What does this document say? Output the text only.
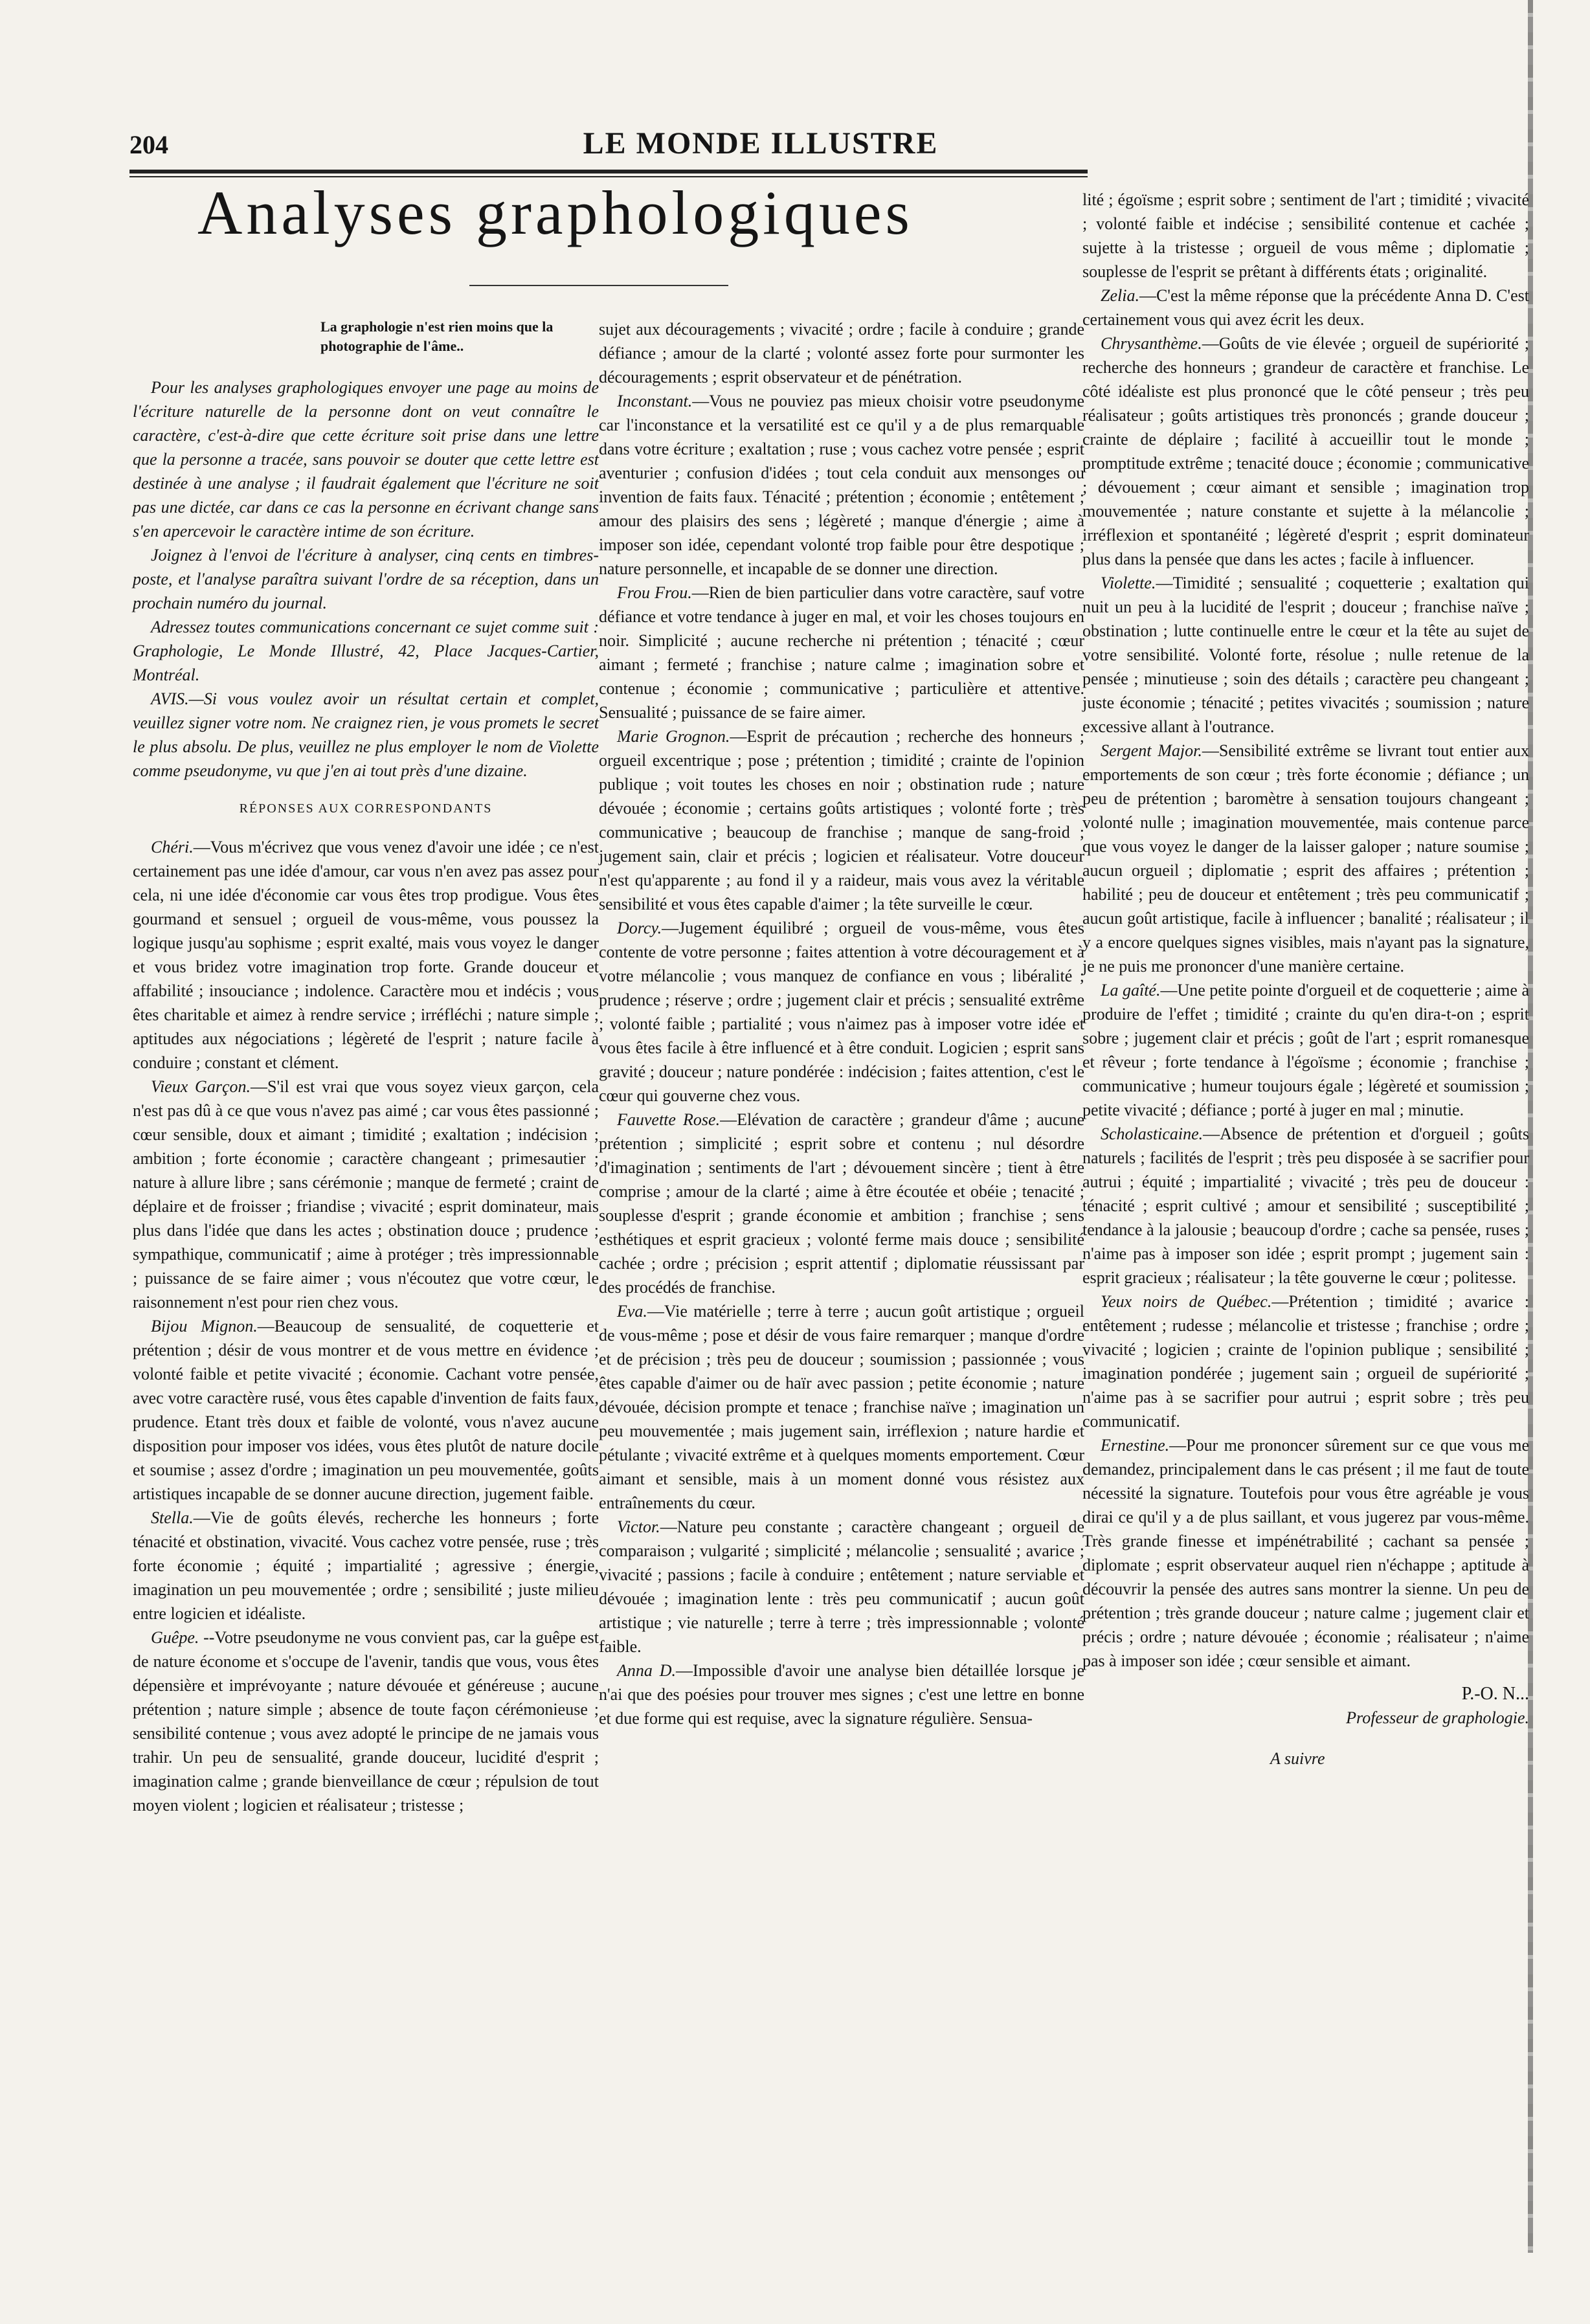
204	LE MONDE ILLUSTRE
Analyses graphologiques
La graphologie n'est rien moins que la photographie de l'âme..

Pour les analyses graphologiques envoyer une page au moins de l'écriture naturelle de la personne dont on veut connaître le caractère, c'est-à-dire que cette écriture soit prise dans une lettre que la personne a tracée, sans pouvoir se douter que cette lettre est destinée à une analyse ; il faudrait également que l'écriture ne soit pas une dictée, car dans ce cas la personne en écrivant change sans s'en apercevoir le caractère intime de son écriture.

Joignez à l'envoi de l'écriture à analyser, cinq cents en timbres-poste, et l'analyse paraîtra suivant l'ordre de sa réception, dans un prochain numéro du journal.

Adressez toutes communications concernant ce sujet comme suit : Graphologie, Le Monde Illustré, 42, Place Jacques-Cartier, Montréal.

AVIS.—Si vous voulez avoir un résultat certain et complet, veuillez signer votre nom. Ne craignez rien, je vous promets le secret le plus absolu. De plus, veuillez ne plus employer le nom de Violette comme pseudonyme, vu que j'en ai tout près d'une dizaine.

RÉPONSES AUX CORRESPONDANTS

Chéri.—Vous m'écrivez que vous venez d'avoir une idée ; ce n'est certainement pas une idée d'amour, car vous n'en avez pas assez pour cela, ni une idée d'économie car vous êtes trop prodigue. Vous êtes gourmand et sensuel ; orgueil de vous-même, vous poussez la logique jusqu'au sophisme ; esprit exalté, mais vous voyez le danger et vous bridez votre imagination trop forte. Grande douceur et affabilité ; insouciance ; indolence. Caractère mou et indécis ; vous êtes charitable et aimez à rendre service ; irréfléchi ; nature simple ; aptitudes aux négociations ; légèreté de l'esprit ; nature facile à conduire ; constant et clément.

Vieux Garçon.—S'il est vrai que vous soyez vieux garçon, cela n'est pas dû à ce que vous n'avez pas aimé ; car vous êtes passionné ; cœur sensible, doux et aimant ; timidité ; exaltation ; indécision ; ambition ; forte économie ; caractère changeant ; primesautier ; nature à allure libre ; sans cérémonie ; manque de fermeté ; craint de déplaire et de froisser ; friandise ; vivacité ; esprit dominateur, mais plus dans l'idée que dans les actes ; obstination douce ; prudence ; sympathique, communicatif ; aime à protéger ; très impressionnable ; puissance de se faire aimer ; vous n'écoutez que votre cœur, le raisonnement n'est pour rien chez vous.

Bijou Mignon.—Beaucoup de sensualité, de coquetterie et prétention ; désir de vous montrer et de vous mettre en évidence ; volonté faible et petite vivacité ; économie. Cachant votre pensée, avec votre caractère rusé, vous êtes capable d'invention de faits faux, prudence. Etant très doux et faible de volonté, vous n'avez aucune disposition pour imposer vos idées, vous êtes plutôt de nature docile et soumise ; assez d'ordre ; imagination un peu mouvementée, goûts artistiques incapable de se donner aucune direction, jugement faible.

Stella.—Vie de goûts élevés, recherche les honneurs ; forte ténacité et obstination, vivacité. Vous cachez votre pensée, ruse ; très forte économie ; équité ; impartialité ; agressive ; énergie, imagination un peu mouvementée ; ordre ; sensibilité ; juste milieu entre logicien et idéaliste.

Guêpe. --Votre pseudonyme ne vous convient pas, car la guêpe est de nature économe et s'occupe de l'avenir, tandis que vous, vous êtes dépensière et imprévoyante ; nature dévouée et généreuse ; aucune prétention ; nature simple ; absence de toute façon cérémonieuse ; sensibilité contenue ; vous avez adopté le principe de ne jamais vous trahir. Un peu de sensualité, grande douceur, lucidité d'esprit ; imagination calme ; grande bienveillance de cœur ; répulsion de tout moyen violent ; logicien et réalisateur ; tristesse ;

sujet aux découragements ; vivacité ; ordre ; facile à conduire ; grande défiance ; amour de la clarté ; volonté assez forte pour surmonter les découragements ; esprit observateur et de pénétration.

Inconstant.—Vous ne pouviez pas mieux choisir votre pseudonyme car l'inconstance et la versatilité est ce qu'il y a de plus remarquable dans votre écriture ; exaltation ; ruse ; vous cachez votre pensée ; esprit aventurier ; confusion d'idées ; tout cela conduit aux mensonges ou invention de faits faux. Ténacité ; prétention ; économie ; entêtement ; amour des plaisirs des sens ; légèreté ; manque d'énergie ; aime à imposer son idée, cependant volonté trop faible pour être despotique ; nature personnelle, et incapable de se donner une direction.

Frou Frou.—Rien de bien particulier dans votre caractère, sauf votre défiance et votre tendance à juger en mal, et voir les choses toujours en noir. Simplicité ; aucune recherche ni prétention ; ténacité ; cœur aimant ; fermeté ; franchise ; nature calme ; imagination sobre et contenue ; économie ; communicative ; particulière et attentive. Sensualité ; puissance de se faire aimer.

Marie Grognon.—Esprit de précaution ; recherche des honneurs ; orgueil excentrique ; pose ; prétention ; timidité ; crainte de l'opinion publique ; voit toutes les choses en noir ; obstination rude ; nature dévouée ; économie ; certains goûts artistiques ; volonté forte ; très communicative ; beaucoup de franchise ; manque de sang-froid ; jugement sain, clair et précis ; logicien et réalisateur. Votre douceur n'est qu'apparente ; au fond il y a raideur, mais vous avez la véritable sensibilité et vous êtes capable d'aimer ; la tête surveille le cœur.

Dorcy.—Jugement équilibré ; orgueil de vous-même, vous êtes contente de votre personne ; faites attention à votre découragement et à votre mélancolie ; vous manquez de confiance en vous ; libéralité ; prudence ; réserve ; ordre ; jugement clair et précis ; sensualité extrême ; volonté faible ; partialité ; vous n'aimez pas à imposer votre idée et vous êtes facile à être influencé et à être conduit. Logicien ; esprit sans gravité ; douceur ; nature pondérée : indécision ; faites attention, c'est le cœur qui gouverne chez vous.

Fauvette Rose.—Elévation de caractère ; grandeur d'âme ; aucune prétention ; simplicité ; esprit sobre et contenu ; nul désordre d'imagination ; sentiments de l'art ; dévouement sincère ; tient à être comprise ; amour de la clarté ; aime à être écoutée et obéie ; tenacité ; souplesse d'esprit ; grande économie et ambition ; franchise ; sens esthétiques et esprit gracieux ; volonté ferme mais douce ; sensibilité cachée ; ordre ; précision ; esprit attentif ; diplomatie réussissant par des procédés de franchise.

Eva.—Vie matérielle ; terre à terre ; aucun goût artistique ; orgueil de vous-même ; pose et désir de vous faire remarquer ; manque d'ordre et de précision ; très peu de douceur ; soumission ; passionnée ; vous êtes capable d'aimer ou de haïr avec passion ; petite économie ; nature dévouée, décision prompte et tenace ; franchise naïve ; imagination un peu mouvementée ; mais jugement sain, irréflexion ; nature hardie et pétulante ; vivacité extrême et à quelques moments emportement. Cœur aimant et sensible, mais à un moment donné vous résistez aux entraînements du cœur.

Victor.—Nature peu constante ; caractère changeant ; orgueil de comparaison ; vulgarité ; simplicité ; mélancolie ; sensualité ; avarice ; vivacité ; passions ; facile à conduire ; entêtement ; nature serviable et dévouée ; imagination lente : très peu communicatif ; aucun goût artistique ; vie naturelle ; terre à terre ; très impressionnable ; volonté faible.

Anna D.—Impossible d'avoir une analyse bien détaillée lorsque je n'ai que des poésies pour trouver mes signes ; c'est une lettre en bonne et due forme qui est requise, avec la signature régulière. Sensua-

lité ; égoïsme ; esprit sobre ; sentiment de l'art ; timidité ; vivacité ; volonté faible et indécise ; sensibilité contenue et cachée ; sujette à la tristesse ; orgueil de vous même ; diplomatie ; souplesse de l'esprit se prêtant à différents états ; originalité.

Zelia.—C'est la même réponse que la précédente Anna D. C'est certainement vous qui avez écrit les deux.

Chrysanthème.—Goûts de vie élevée ; orgueil de supériorité ; recherche des honneurs ; grandeur de caractère et franchise. Le côté idéaliste est plus prononcé que le côté penseur ; très peu réalisateur ; goûts artistiques très prononcés ; grande douceur ; crainte de déplaire ; facilité à accueillir tout le monde ; promptitude extrême ; tenacité douce ; économie ; communicative ; dévouement ; cœur aimant et sensible ; imagination trop mouvementée ; nature constante et sujette à la mélancolie ; irréflexion et spontanéité ; légèreté d'esprit ; esprit dominateur plus dans la pensée que dans les actes ; facile à influencer.

Violette.—Timidité ; sensualité ; coquetterie ; exaltation qui nuit un peu à la lucidité de l'esprit ; douceur ; franchise naïve ; obstination ; lutte continuelle entre le cœur et la tête au sujet de votre sensibilité. Volonté forte, résolue ; nulle retenue de la pensée ; minutieuse ; soin des détails ; caractère peu changeant ; juste économie ; ténacité ; petites vivacités ; soumission ; nature excessive allant à l'outrance.

Sergent Major.—Sensibilité extrême se livrant tout entier aux emportements de son cœur ; très forte économie ; défiance ; un peu de prétention ; baromètre à sensation toujours changeant ; volonté nulle ; imagination mouvementée, mais contenue parce que vous voyez le danger de la laisser galoper ; nature soumise ; aucun orgueil ; diplomatie ; esprit des affaires ; prétention ; habilité ; peu de douceur et entêtement ; très peu communicatif ; aucun goût artistique, facile à influencer ; banalité ; réalisateur ; il y a encore quelques signes visibles, mais n'ayant pas la signature, je ne puis me prononcer d'une manière certaine.

La gaîté.—Une petite pointe d'orgueil et de coquetterie ; aime à produire de l'effet ; timidité ; crainte du qu'en dira-t-on ; esprit sobre ; jugement clair et précis ; goût de l'art ; esprit romanesque et rêveur ; forte tendance à l'égoïsme ; économie ; franchise ; communicative ; humeur toujours égale ; légèreté et soumission ; petite vivacité ; défiance ; porté à juger en mal ; minutie.

Scholasticaine.—Absence de prétention et d'orgueil ; goûts naturels ; facilités de l'esprit ; très peu disposée à se sacrifier pour autrui ; équité ; impartialité ; vivacité ; très peu de douceur : ténacité ; esprit cultivé ; amour et sensibilité ; susceptibilité ; tendance à la jalousie ; beaucoup d'ordre ; cache sa pensée, ruses ; n'aime pas à imposer son idée ; esprit prompt ; jugement sain : esprit gracieux ; réalisateur ; la tête gouverne le cœur ; politesse.

Yeux noirs de Québec.—Prétention ; timidité ; avarice : entêtement ; rudesse ; mélancolie et tristesse ; franchise ; ordre ; vivacité ; logicien ; crainte de l'opinion publique ; sensibilité ; imagination pondérée ; jugement sain ; orgueil de supériorité ; n'aime pas à se sacrifier pour autrui ; esprit sobre ; très peu communicatif.

Ernestine.—Pour me prononcer sûrement sur ce que vous me demandez, principalement dans le cas présent ; il me faut de toute nécessité la signature. Toutefois pour vous être agréable je vous dirai ce qu'il y a de plus saillant, et vous jugerez par vous-même. Très grande finesse et impénétrabilité ; cachant sa pensée ; diplomate ; esprit observateur auquel rien n'échappe ; aptitude à découvrir la pensée des autres sans montrer la sienne. Un peu de prétention ; très grande douceur ; nature calme ; jugement clair et précis ; ordre ; nature dévouée ; économie ; réalisateur ; n'aime pas à imposer son idée ; cœur sensible et aimant.

P.-O. N...
Professeur de graphologie.
A suivre
